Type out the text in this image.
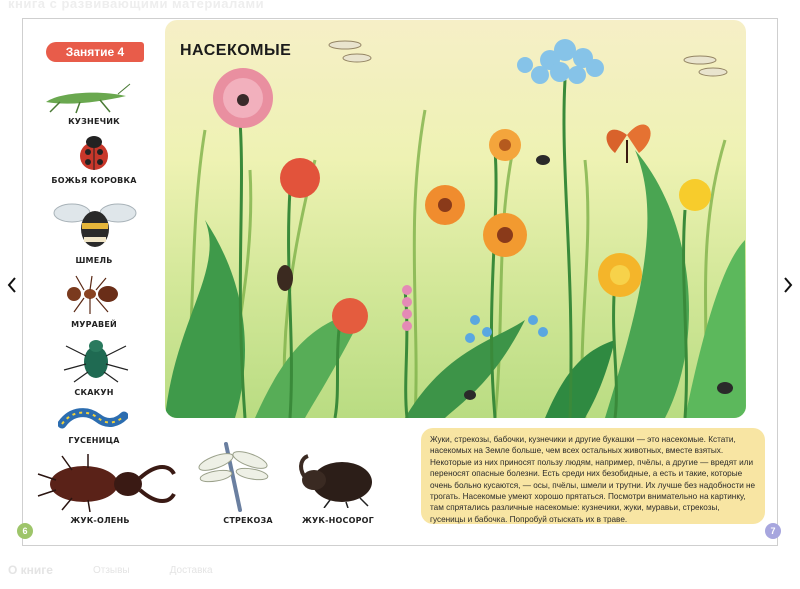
книга с развивающими материалами
НАСЕКОМЫЕ
Занятие 4
КУЗНЕЧИК
БОЖЬЯ КОРОВКА
ШМЕЛЬ
МУРАВЕЙ
СКАКУН
ГУСЕНИЦА
ЖУК-ОЛЕНЬ	СТРЕКОЗА	ЖУК-НОСОРОГ
Жуки, стрекозы, бабочки, кузнечики и другие букашки — это насекомые. Кстати, насекомых на Земле больше, чем всех остальных животных, вместе взятых. Некоторые из них приносят пользу людям, например, пчёлы, а другие — вредят или переносят опасные болезни. Есть среди них безобидные, а есть и такие, которые очень больно кусаются, — осы, пчёлы, шмели и трутни. Их лучше без надобности не трогать. Насекомые умеют хорошо прятаться. Посмотри внимательно на картинку, там спрятались различные насекомые: кузнечики, жуки, муравьи, стрекозы, гусеницы и бабочка. Попробуй отыскать их в траве.
6	7
О книге	Отзывы	Доставка
